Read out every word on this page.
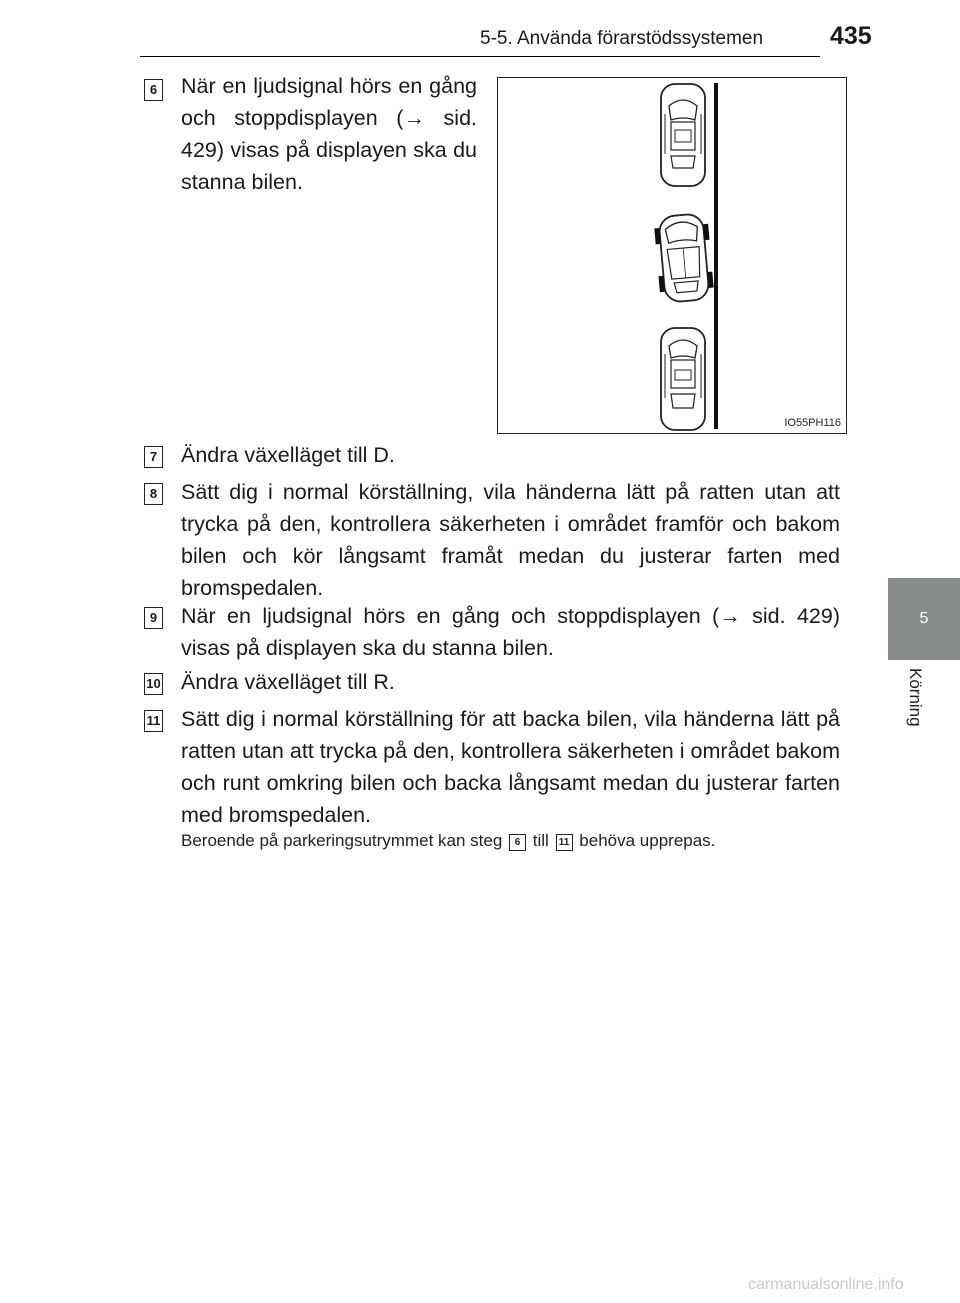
5-5. Använda förarstödssystemen	435
5
Körning
6 När en ljudsignal hörs en gång och stoppdisplayen (→ sid. 429) visas på displayen ska du stanna bilen.
IO55PH116
7 Ändra växelläget till D.
8 Sätt dig i normal körställning, vila händerna lätt på ratten utan att trycka på den, kontrollera säkerheten i området framför och bakom bilen och kör långsamt framåt medan du justerar farten med bromspedalen.
9 När en ljudsignal hörs en gång och stoppdisplayen (→ sid. 429) visas på displayen ska du stanna bilen.
10 Ändra växelläget till R.
11 Sätt dig i normal körställning för att backa bilen, vila händerna lätt på ratten utan att trycka på den, kontrollera säkerheten i området bakom och runt omkring bilen och backa långsamt medan du justerar farten med bromspedalen.
Beroende på parkeringsutrymmet kan steg 6 till 11 behöva upprepas.
carmanualsonline.info
